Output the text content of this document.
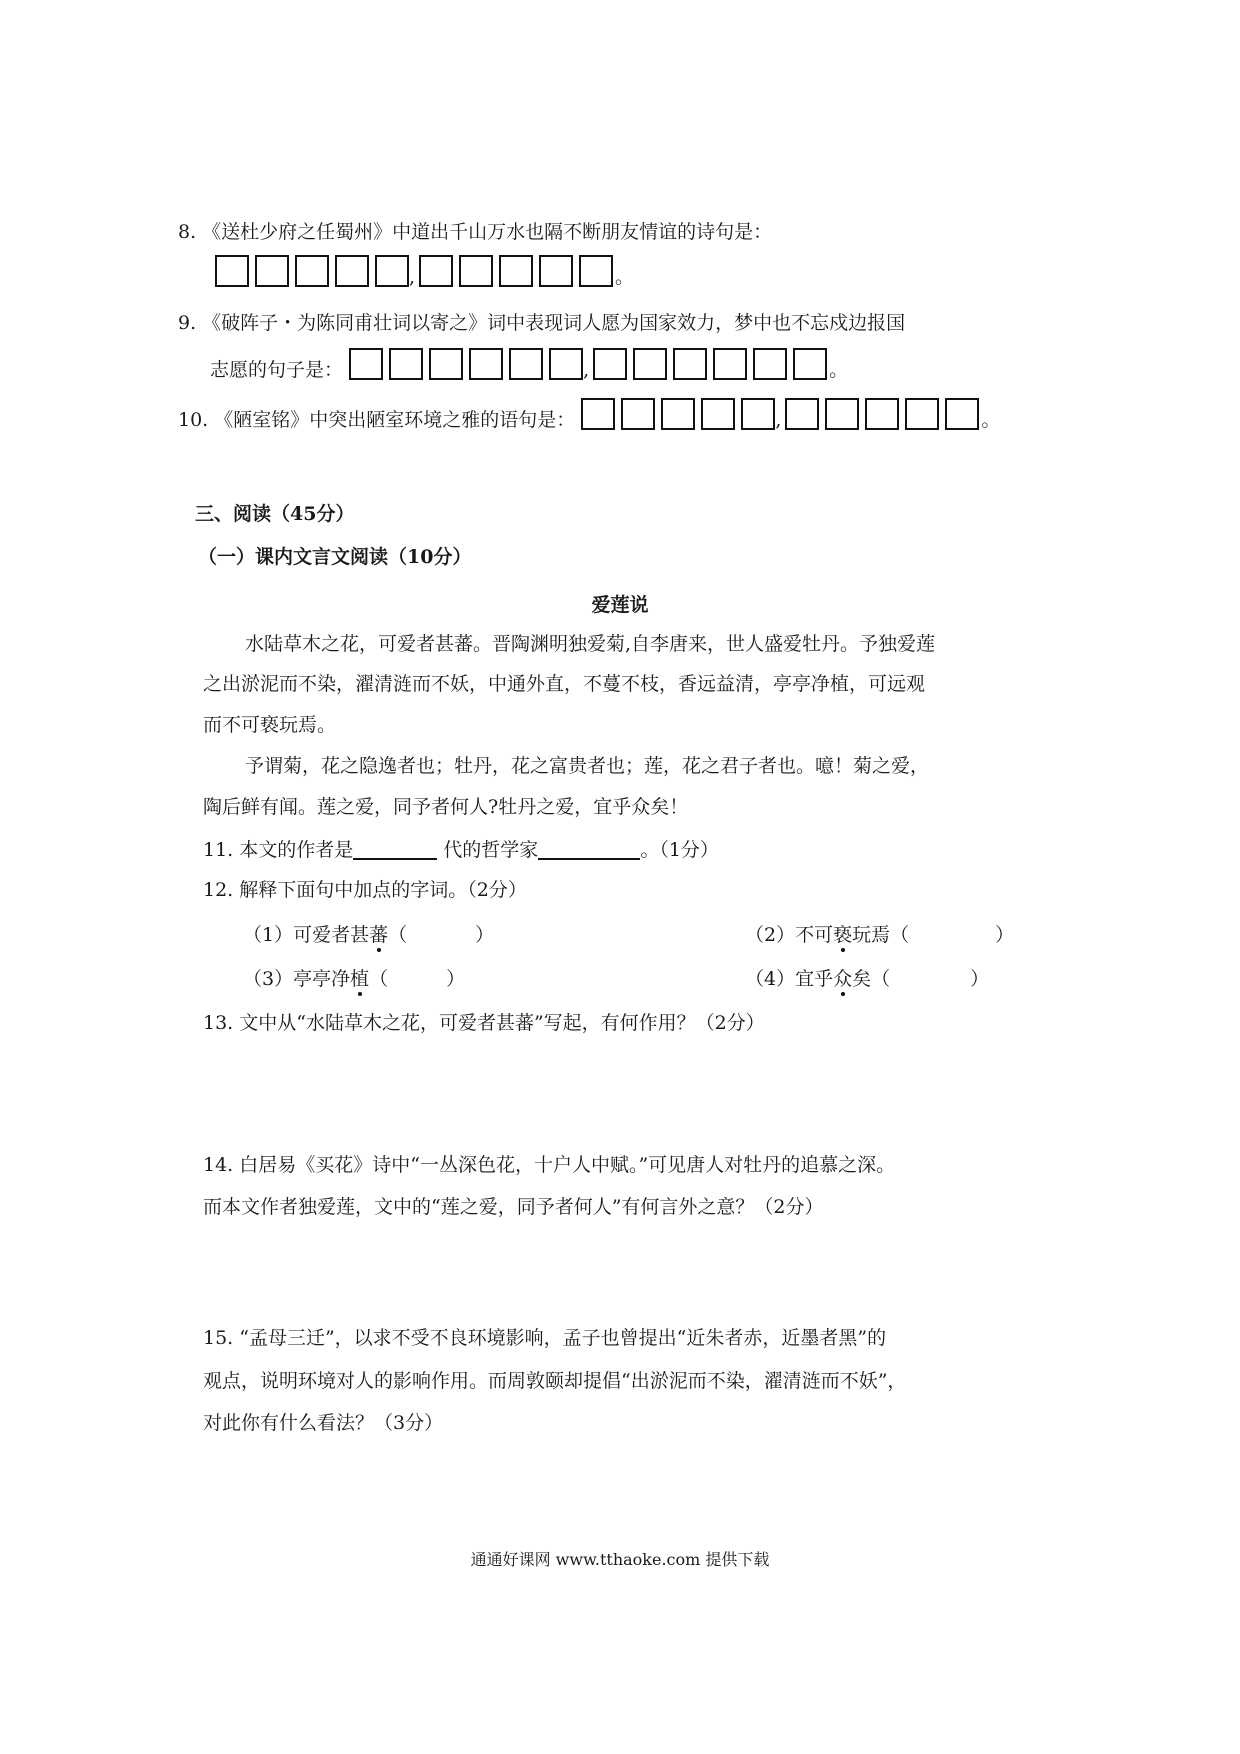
8. 《送杜少府之任蜀州》中道出千山万水也隔不断朋友情谊的诗句是：
,	。
9. 《破阵子・为陈同甫壮词以寄之》词中表现词人愿为国家效力，梦中也不忘戍边报国
志愿的句子是：	,	。
10. 《陋室铭》中突出陋室环境之雅的语句是：	,	。
三、阅读（45分）
（一）课内文言文阅读（10分）
爱莲说
水陆草木之花，可爱者甚蕃。晋陶渊明独爱菊,自李唐来，世人盛爱牡丹。予独爱莲
之出淤泥而不染，濯清涟而不妖，中通外直，不蔓不枝，香远益清，亭亭净植，可远观
而不可亵玩焉。
予谓菊，花之隐逸者也；牡丹，花之富贵者也；莲，花之君子者也。噫！菊之爱，
陶后鲜有闻。莲之爱，同予者何人?牡丹之爱，宜乎众矣！
11. 本文的作者是	代的哲学家	。（1分）
12. 解释下面句中加点的字词。（2分）
（1）可爱者甚蕃（	）	（2）不可亵玩焉（	）
（3）亭亭净植（	）	（4）宜乎众矣（	）
13. 文中从“水陆草木之花，可爱者甚蕃”写起，有何作用？（2分）
14. 白居易《买花》诗中“一丛深色花，十户人中赋。”可见唐人对牡丹的追慕之深。
而本文作者独爱莲，文中的“莲之爱，同予者何人”有何言外之意？（2分）
15. “孟母三迁”，以求不受不良环境影响，孟子也曾提出“近朱者赤，近墨者黑”的
观点，说明环境对人的影响作用。而周敦颐却提倡“出淤泥而不染，濯清涟而不妖”，
对此你有什么看法？（3分）
通通好课网 www.tthaoke.com 提供下载
